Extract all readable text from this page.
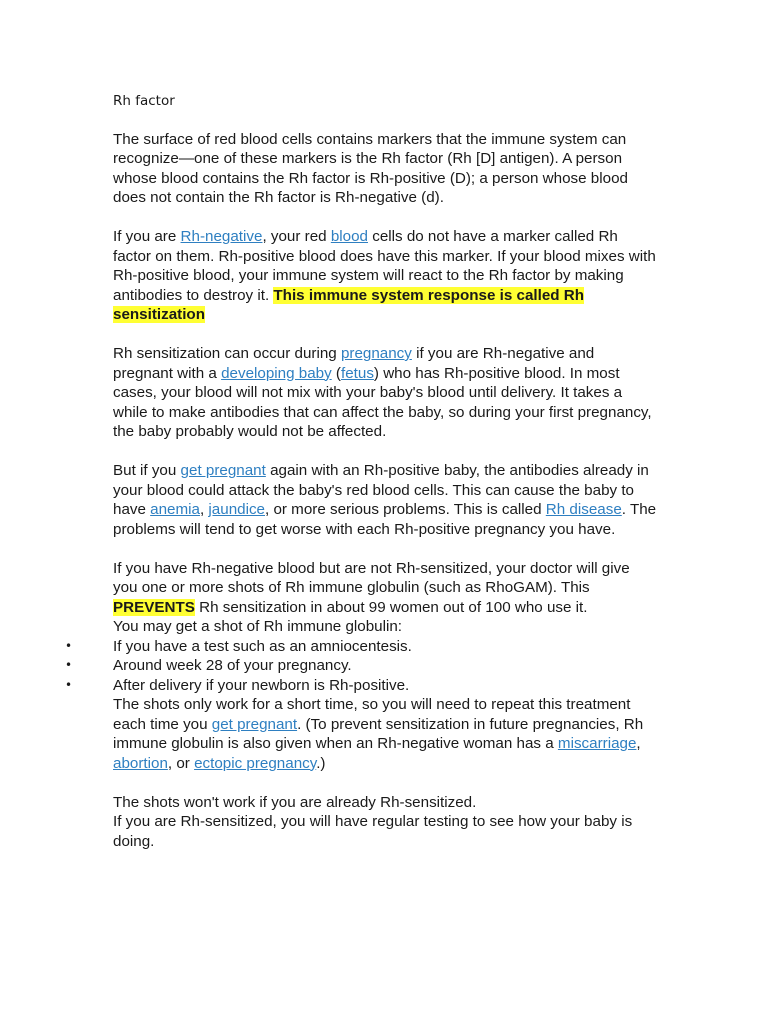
Rh factor

The surface of red blood cells contains markers that the immune system can recognize—one of these markers is the Rh factor (Rh [D] antigen). A person whose blood contains the Rh factor is Rh-positive (D); a person whose blood does not contain the Rh factor is Rh-negative (d).

If you are Rh-negative, your red blood cells do not have a marker called Rh factor on them. Rh-positive blood does have this marker. If your blood mixes with Rh-positive blood, your immune system will react to the Rh factor by making antibodies to destroy it. This immune system response is called Rh sensitization

Rh sensitization can occur during pregnancy if you are Rh-negative and pregnant with a developing baby (fetus) who has Rh-positive blood. In most cases, your blood will not mix with your baby's blood until delivery. It takes a while to make antibodies that can affect the baby, so during your first pregnancy, the baby probably would not be affected.

But if you get pregnant again with an Rh-positive baby, the antibodies already in your blood could attack the baby's red blood cells. This can cause the baby to have anemia, jaundice, or more serious problems. This is called Rh disease. The problems will tend to get worse with each Rh-positive pregnancy you have.

If you have Rh-negative blood but are not Rh-sensitized, your doctor will give you one or more shots of Rh immune globulin (such as RhoGAM). This PREVENTS Rh sensitization in about 99 women out of 100 who use it.

You may get a shot of Rh immune globulin:

•	If you have a test such as an amniocentesis.
•	Around week 28 of your pregnancy.
•	After delivery if your newborn is Rh-positive.

The shots only work for a short time, so you will need to repeat this treatment each time you get pregnant. (To prevent sensitization in future pregnancies, Rh immune globulin is also given when an Rh-negative woman has a miscarriage, abortion, or ectopic pregnancy.)

The shots won't work if you are already Rh-sensitized.

If you are Rh-sensitized, you will have regular testing to see how your baby is doing.
